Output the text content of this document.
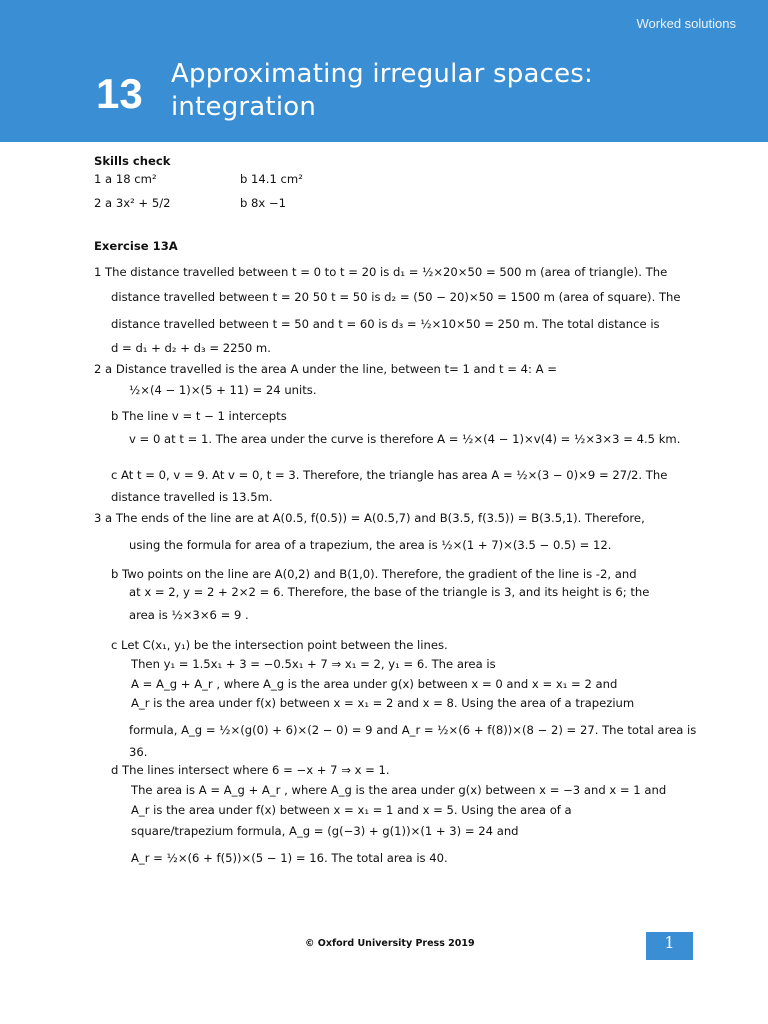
Worked solutions
13 Approximating irregular spaces:
integration
Skills check
1 a 18 cm²	b 14.1 cm²
2 a 3x² + 5/2	b 8x −1
Exercise 13A
1 The distance travelled between t = 0 to t = 20 is d₁ = ½×20×50 = 500 m (area of triangle). The
distance travelled between t = 20 50 t = 50 is d₂ = (50 − 20)×50 = 1500 m (area of square). The
distance travelled between t = 50 and t = 60 is d₃ = ½×10×50 = 250 m. The total distance is
d = d₁ + d₂ + d₃ = 2250 m.
2 a Distance travelled is the area A under the line, between t= 1 and t = 4: A =
½×(4 − 1)×(5 + 11) = 24 units.
b The line v = t − 1 intercepts
v = 0 at t = 1. The area under the curve is therefore A = ½×(4 − 1)×v(4) = ½×3×3 = 4.5 km.
c At t = 0, v = 9. At v = 0, t = 3. Therefore, the triangle has area A = ½×(3 − 0)×9 = 27/2. The
distance travelled is 13.5m.
3 a The ends of the line are at A(0.5, f(0.5)) = A(0.5,7) and B(3.5, f(3.5)) = B(3.5,1). Therefore,
using the formula for area of a trapezium, the area is ½×(1 + 7)×(3.5 − 0.5) = 12.
b Two points on the line are A(0,2) and B(1,0). Therefore, the gradient of the line is -2, and
at x = 2, y = 2 + 2×2 = 6. Therefore, the base of the triangle is 3, and its height is 6; the
area is ½×3×6 = 9 .
c Let C(x₁, y₁) be the intersection point between the lines.
Then y₁ = 1.5x₁ + 3 = −0.5x₁ + 7 ⇒ x₁ = 2, y₁ = 6. The area is
A = A_g + A_r , where A_g is the area under g(x) between x = 0 and x = x₁ = 2 and
A_r is the area under f(x) between x = x₁ = 2 and x = 8. Using the area of a trapezium
formula, A_g = ½×(g(0) + 6)×(2 − 0) = 9 and A_r = ½×(6 + f(8))×(8 − 2) = 27. The total area is
36.
d The lines intersect where 6 = −x + 7 ⇒ x = 1.
The area is A = A_g + A_r , where A_g is the area under g(x) between x = −3 and x = 1 and
A_r is the area under f(x) between x = x₁ = 1 and x = 5. Using the area of a
square/trapezium formula, A_g = (g(−3) + g(1))×(1 + 3) = 24 and
A_r = ½×(6 + f(5))×(5 − 1) = 16. The total area is 40.
© Oxford University Press 2019	1
